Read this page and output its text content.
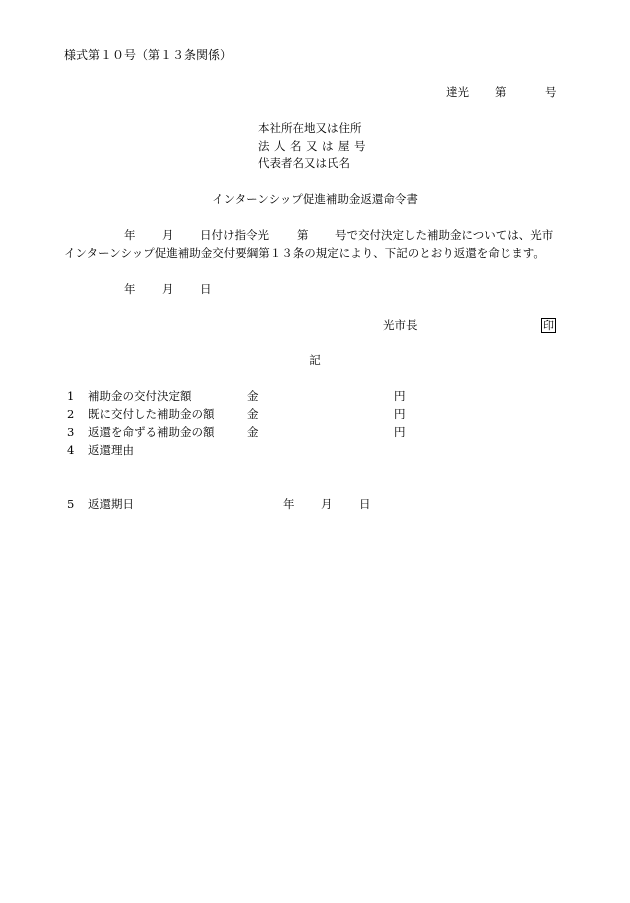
様式第１０号（第１３条関係）
達光 第	号
本社所在地又は住所
法人名又は屋号
代表者名又は氏名
インターンシップ促進補助金返還命令書
年 月 日付け指令光 第 号で交付決定した補助金については、光市
インターンシップ促進補助金交付要綱第１３条の規定により、下記のとおり返還を命じます。
年 月 日
光市長	印
記
1 補助金の交付決定額	金	円
2 既に交付した補助金の額	金	円
3 返還を命ずる補助金の額	金	円
4 返還理由
5 返還期日	年 月 日
